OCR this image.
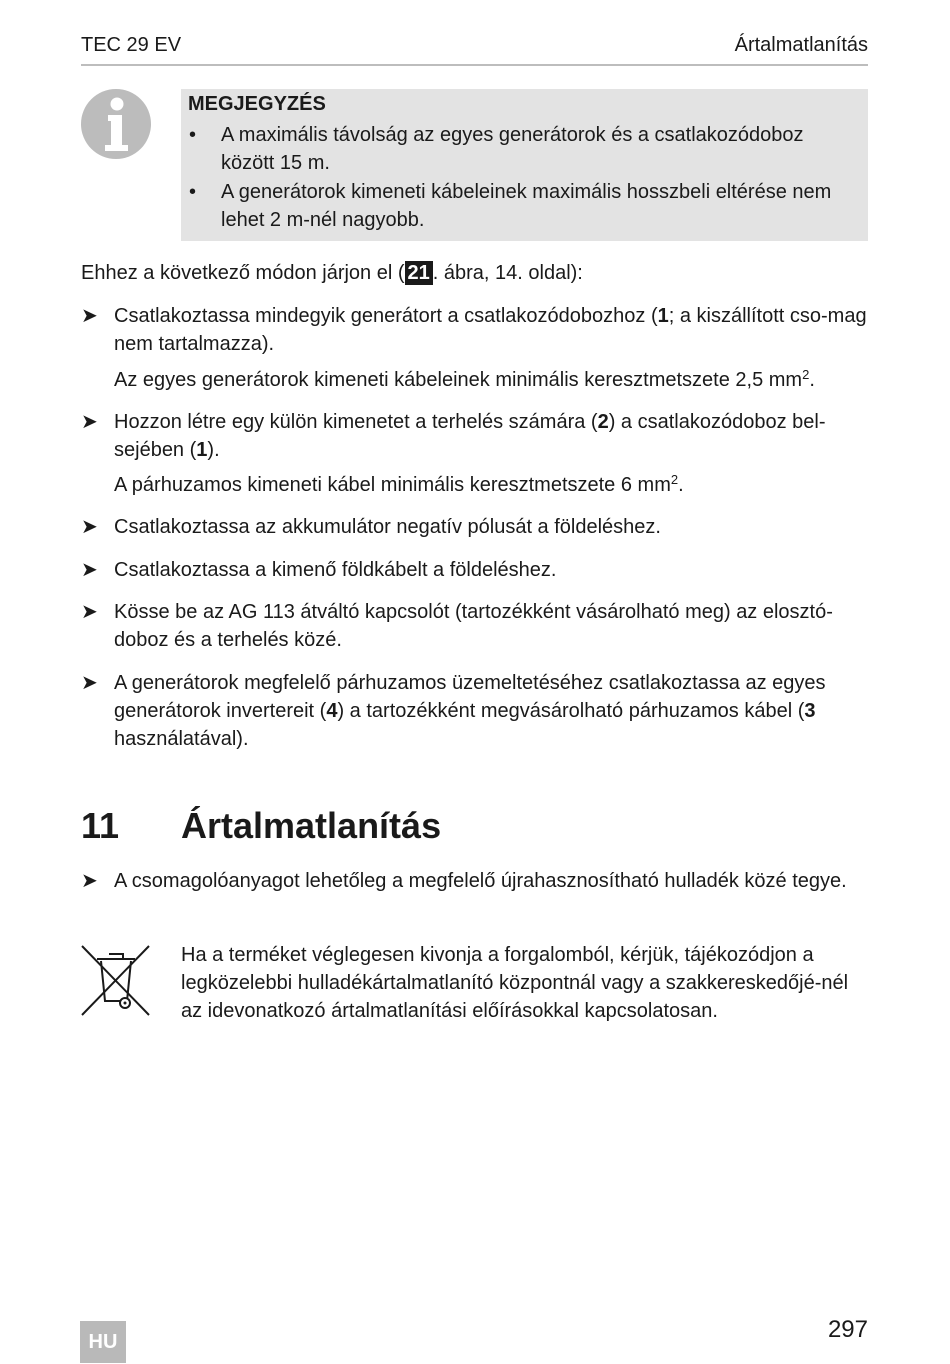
TEC 29 EV	Ártalmatlanítás
MEGJEGYZÉS
• A maximális távolság az egyes generátorok és a csatlakozódoboz között 15 m.
• A generátorok kimeneti kábeleinek maximális hosszbeli eltérése nem lehet 2 m-nél nagyobb.
Ehhez a következő módon járjon el ( 21 . ábra, 14. oldal):
➤ Csatlakoztassa mindegyik generátort a csatlakozódobozhoz (1; a kiszállított cso-mag nem tartalmazza).
Az egyes generátorok kimeneti kábeleinek minimális keresztmetszete 2,5 $mm^2$.
➤ Hozzon létre egy külön kimenetet a terhelés számára (2) a csatlakozódoboz bel-sejében (1).
A párhuzamos kimeneti kábel minimális keresztmetszete 6 $mm^2$.
➤ Csatlakoztassa az akkumulátor negatív pólusát a földeléshez.
➤ Csatlakoztassa a kimenő földkábelt a földeléshez.
➤ Kösse be az AG 113 átváltó kapcsolót (tartozékként vásárolható meg) az elosztó-doboz és a terhelés közé.
➤ A generátorok megfelelő párhuzamos üzemeltetéséhez csatlakoztassa az egyes generátorok invertereit (4) a tartozékként megvásárolható párhuzamos kábel (3 használatával).
11 Ártalmatlanítás
➤ A csomagolóanyagot lehetőleg a megfelelő újrahasznosítható hulladék közé tegye.
Ha a terméket véglegesen kivonja a forgalomból, kérjük, tájékozódjon a legközelebbi hulladékártalmatlanító központnál vagy a szakkereskedőjé-nél az idevonatkozó ártalmatlanítási előírásokkal kapcsolatosan.
HU	297
